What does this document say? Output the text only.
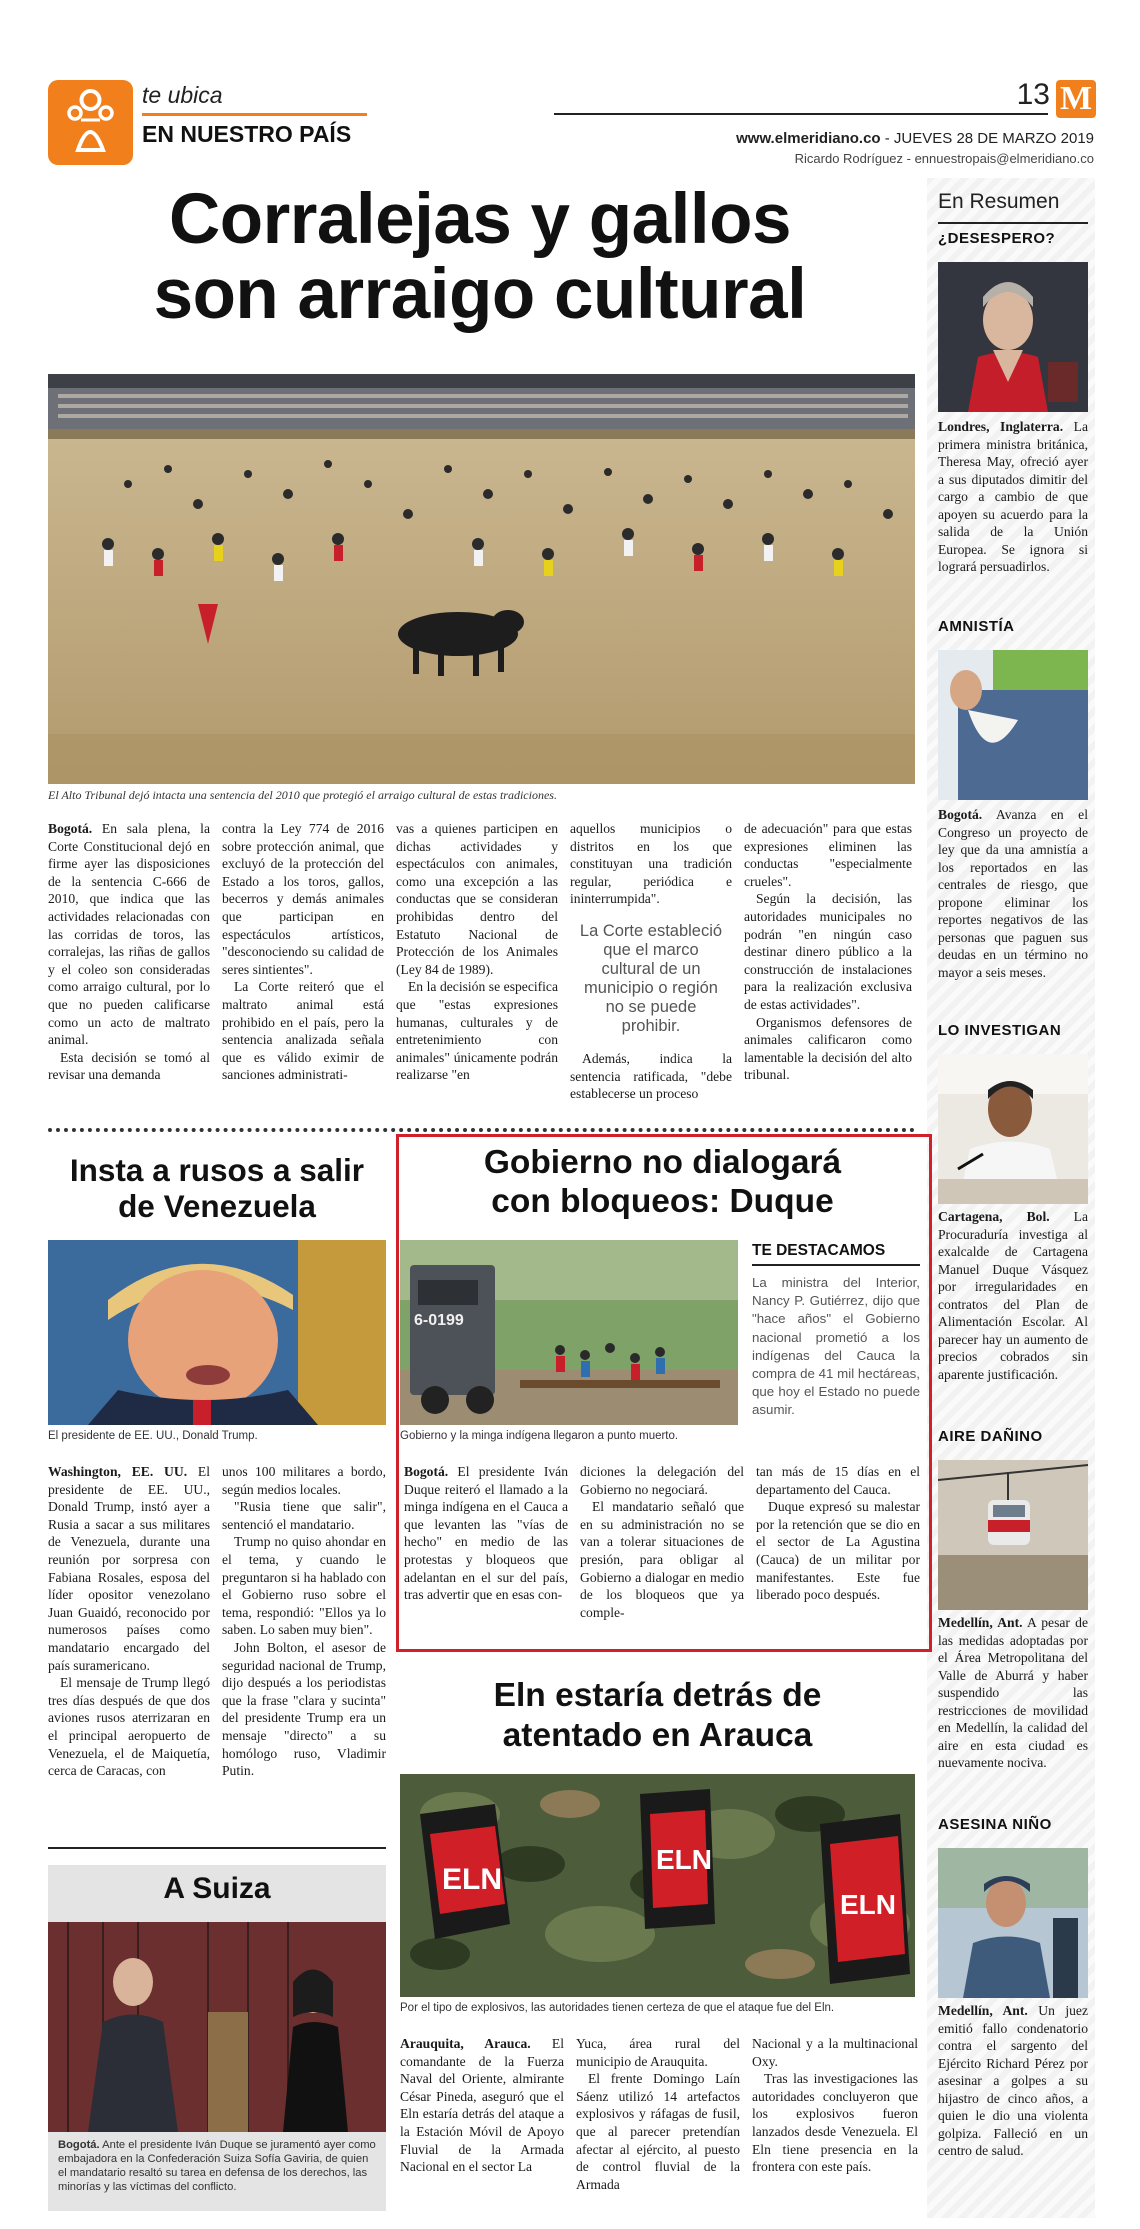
te ubica
EN NUESTRO PAÍS
13 M
www.elmeridiano.co - JUEVES 28 DE MARZO 2019
Ricardo Rodríguez - ennuestropais@elmeridiano.co
Corralejas y gallos
son arraigo cultural
El Alto Tribunal dejó intacta una sentencia del 2010 que protegió el arraigo cultural de estas tradiciones.

Bogotá. En sala plena, la Corte Constitucional dejó en firme ayer las disposiciones de la sentencia C-666 de 2010, que indica que las actividades relacionadas con las corridas de toros, las corralejas, las riñas de gallos y el coleo son consideradas como arraigo cultural, por lo que no pueden calificarse como un acto de maltrato animal.

Esta decisión se tomó al revisar una demanda

contra la Ley 774 de 2016 sobre protección animal, que excluyó de la protección del Estado a los toros, gallos, becerros y demás animales que participan en espectáculos artísticos, "desconociendo su calidad de seres sintientes".

La Corte reiteró que el maltrato animal está prohibido en el país, pero la sentencia analizada señala que es válido eximir de sanciones administrati-

vas a quienes participen en dichas actividades y espectáculos con animales, como una excepción a las conductas que se consideran prohibidas dentro del Estatuto Nacional de Protección de los Animales (Ley 84 de 1989).

En la decisión se especifica que "estas expresiones humanas, culturales y de entretenimiento con animales" únicamente podrán realizarse "en

aquellos municipios o distritos en los que constituyan una tradición regular, periódica e ininterrumpida".

La Corte estableció que el marco cultural de un municipio o región no se puede prohibir.

Además, indica la sentencia ratificada, "debe establecerse un proceso

de adecuación" para que estas expresiones eliminen las conductas "especialmente crueles".

Según la decisión, las autoridades municipales no podrán "en ningún caso destinar dinero público a la construcción de instalaciones para la realización exclusiva de estas actividades".

Organismos defensores de animales calificaron como lamentable la decisión del alto tribunal.

En Resumen
¿DESESPERO?
Londres, Inglaterra. La primera ministra británica, Theresa May, ofreció ayer a sus diputados dimitir del cargo a cambio de que apoyen su acuerdo para la salida de la Unión Europea. Se ignora si logrará persuadirlos.
AMNISTÍA
Bogotá. Avanza en el Congreso un proyecto de ley que da una amnistía a los reportados en las centrales de riesgo, que propone eliminar los reportes negativos de las personas que paguen sus deudas en un término no mayor a seis meses.
LO INVESTIGAN
Cartagena, Bol. La Procuraduría investiga al exalcalde de Cartagena Manuel Duque Vásquez por irregularidades en contratos del Plan de Alimentación Escolar. Al parecer hay un aumento de precios cobrados sin aparente justificación.
AIRE DAÑINO
Medellín, Ant. A pesar de las medidas adoptadas por el Área Metropolitana del Valle de Aburrá y haber suspendido las restricciones de movilidad en Medellín, la calidad del aire en esta ciudad es nuevamente nociva.
ASESINA NIÑO
Medellín, Ant. Un juez emitió fallo condenatorio contra el sargento del Ejército Richard Pérez por asesinar a golpes a su hijastro de cinco años, a quien le dio una violenta golpiza. Falleció en un centro de salud.
Insta a rusos a salir
de Venezuela
El presidente de EE. UU., Donald Trump.

Washington, EE. UU. El presidente de EE. UU., Donald Trump, instó ayer a Rusia a sacar a sus militares de Venezuela, durante una reunión por sorpresa con Fabiana Rosales, esposa del líder opositor venezolano Juan Guaidó, reconocido por numerosos países como mandatario encargado del país suramericano.

El mensaje de Trump llegó tres días después de que dos aviones rusos aterrizaran en el principal aeropuerto de Venezuela, el de Maiquetía, cerca de Caracas, con

unos 100 militares a bordo, según medios locales.

"Rusia tiene que salir", sentenció el mandatario.

Trump no quiso ahondar en el tema, y cuando le preguntaron si ha hablado con el Gobierno ruso sobre el tema, respondió: "Ellos ya lo saben. Lo saben muy bien".

John Bolton, el asesor de seguridad nacional de Trump, dijo después a los periodistas que la frase "clara y sucinta" del presidente Trump era un mensaje "directo" a su homólogo ruso, Vladimir Putin.

A Suiza
Bogotá. Ante el presidente Iván Duque se juramentó ayer como embajadora en la Confederación Suiza Sofía Gaviria, de quien el mandatario resaltó su tarea en defensa de los derechos, las minorías y las víctimas del conflicto.
Gobierno no dialogará
con bloqueos: Duque
6-0199
Gobierno y la minga indígena llegaron a punto muerto.
TE DESTACAMOS
La ministra del Interior, Nancy P. Gutiérrez, dijo que "hace años" el Gobierno nacional prometió a los indígenas del Cauca la compra de 41 mil hectáreas, que hoy el Estado no puede asumir.

Bogotá. El presidente Iván Duque reiteró el llamado a la minga indígena en el Cauca a que levanten las "vías de hecho" en medio de las protestas y bloqueos que adelantan en el sur del país, tras advertir que en esas con-

diciones la delegación del Gobierno no negociará.

El mandatario señaló que en su administración no se van a tolerar situaciones de presión, para obligar al Gobierno a dialogar en medio de los bloqueos que ya comple-

tan más de 15 días en el departamento del Cauca.

Duque expresó su malestar por la retención que se dio en el sector de La Agustina (Cauca) de un militar por manifestantes. Este fue liberado poco después.

Eln estaría detrás de
atentado en Arauca
ELN
ELN
ELN
Por el tipo de explosivos, las autoridades tienen certeza de que el ataque fue del Eln.

Arauquita, Arauca. El comandante de la Fuerza Naval del Oriente, almirante César Pineda, aseguró que el Eln estaría detrás del ataque a la Estación Móvil de Apoyo Fluvial de la Armada Nacional en el sector La

Yuca, área rural del municipio de Arauquita.

El frente Domingo Laín Sáenz utilizó 14 artefactos explosivos y ráfagas de fusil, que al parecer pretendían afectar al ejército, al puesto de control fluvial de la Armada

Nacional y a la multinacional Oxy.

Tras las investigaciones las autoridades concluyeron que los explosivos fueron lanzados desde Venezuela. El Eln tiene presencia en la frontera con este país.
